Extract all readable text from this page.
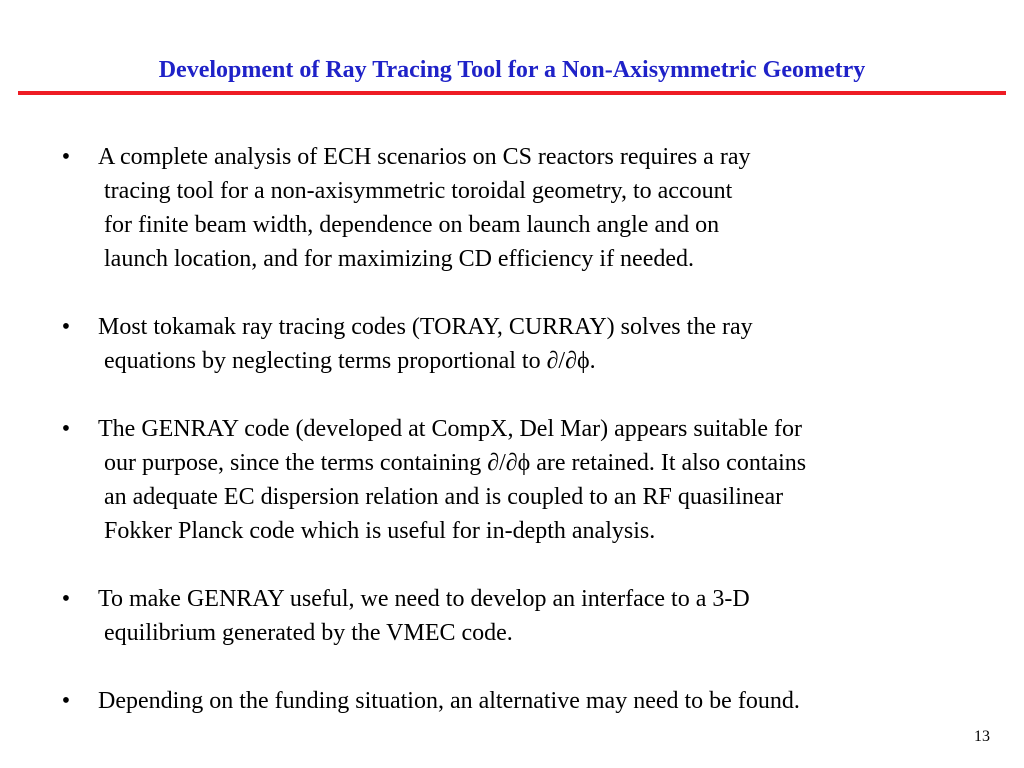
Development of Ray Tracing Tool for a Non-Axisymmetric Geometry
• A complete analysis of ECH scenarios on CS reactors requires a ray
tracing tool for a non-axisymmetric toroidal geometry, to account
for finite beam width, dependence on beam launch angle and on
launch location, and for maximizing CD efficiency if needed.
• Most tokamak ray tracing codes (TORAY, CURRAY) solves the ray
equations by neglecting terms proportional to ∂/∂ϕ.
• The GENRAY code (developed at CompX, Del Mar) appears suitable for
our purpose, since the terms containing ∂/∂ϕ are retained. It also contains
an adequate EC dispersion relation and is coupled to an RF quasilinear
Fokker Planck code which is useful for in-depth analysis.
• To make GENRAY useful, we need to develop an interface to a 3-D
equilibrium generated by the VMEC code.
• Depending on the funding situation, an alternative may need to be found.
13
